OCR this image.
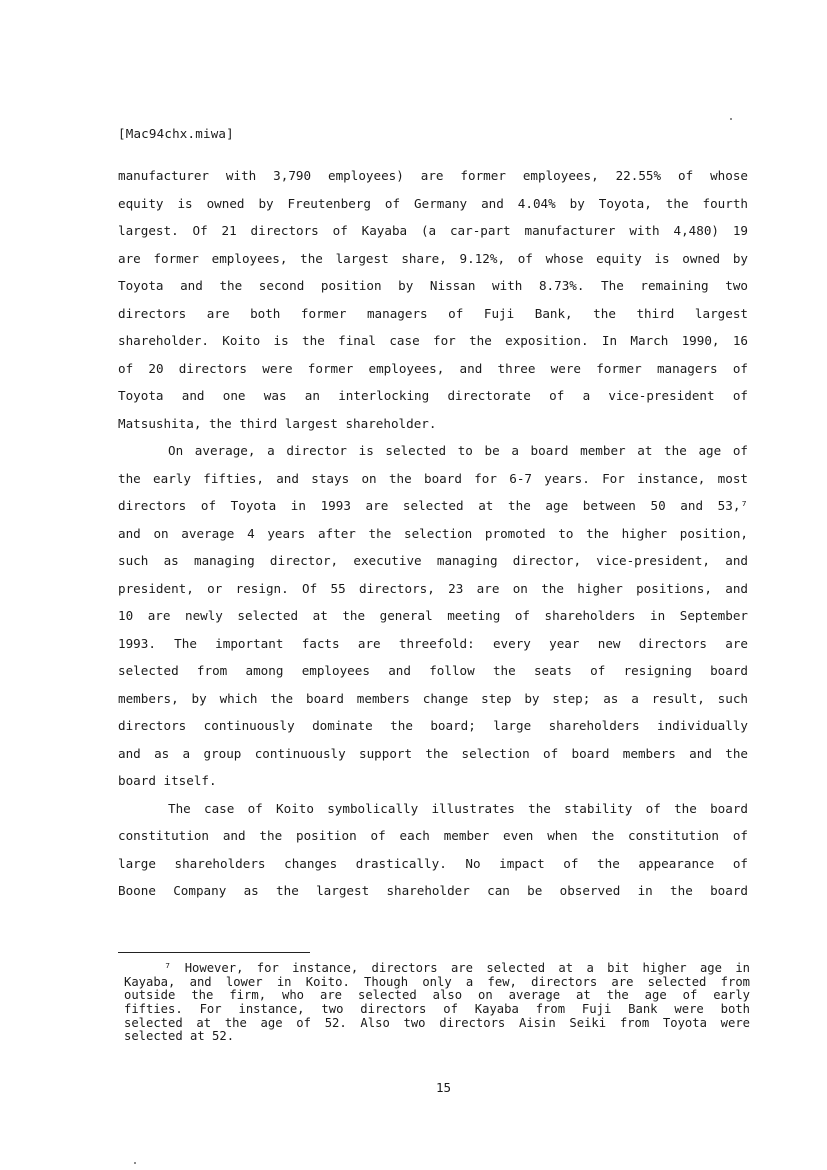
[Mac94chx.miwa]
manufacturer with 3,790 employees) are former employees, 22.55% of whose
equity is owned by Freutenberg of Germany and 4.04% by Toyota, the fourth
largest. Of 21 directors of Kayaba (a car-part manufacturer with 4,480) 19
are former employees, the largest share, 9.12%, of whose equity is owned by
Toyota and the second position by Nissan with 8.73%. The remaining two
directors are both former managers of Fuji Bank, the third largest
shareholder. Koito is the final case for the exposition. In March 1990, 16
of 20 directors were former employees, and three were former managers of
Toyota and one was an interlocking directorate of a vice-president of
Matsushita, the third largest shareholder.
On average, a director is selected to be a board member at the age of
the early fifties, and stays on the board for 6-7 years. For instance, most
directors of Toyota in 1993 are selected at the age between 50 and 53,⁷
and on average 4 years after the selection promoted to the higher position,
such as managing director, executive managing director, vice-president, and
president, or resign. Of 55 directors, 23 are on the higher positions, and
10 are newly selected at the general meeting of shareholders in September
1993. The important facts are threefold: every year new directors are
selected from among employees and follow the seats of resigning board
members, by which the board members change step by step; as a result, such
directors continuously dominate the board; large shareholders individually
and as a group continuously support the selection of board members and the
board itself.
The case of Koito symbolically illustrates the stability of the board
constitution and the position of each member even when the constitution of
large shareholders changes drastically. No impact of the appearance of
Boone Company as the largest shareholder can be observed in the board
⁷ However, for instance, directors are selected at a bit higher age in
Kayaba, and lower in Koito. Though only a few, directors are selected from
outside the firm, who are selected also on average at the age of early
fifties. For instance, two directors of Kayaba from Fuji Bank were both
selected at the age of 52. Also two directors Aisin Seiki from Toyota were
selected at 52.
15
